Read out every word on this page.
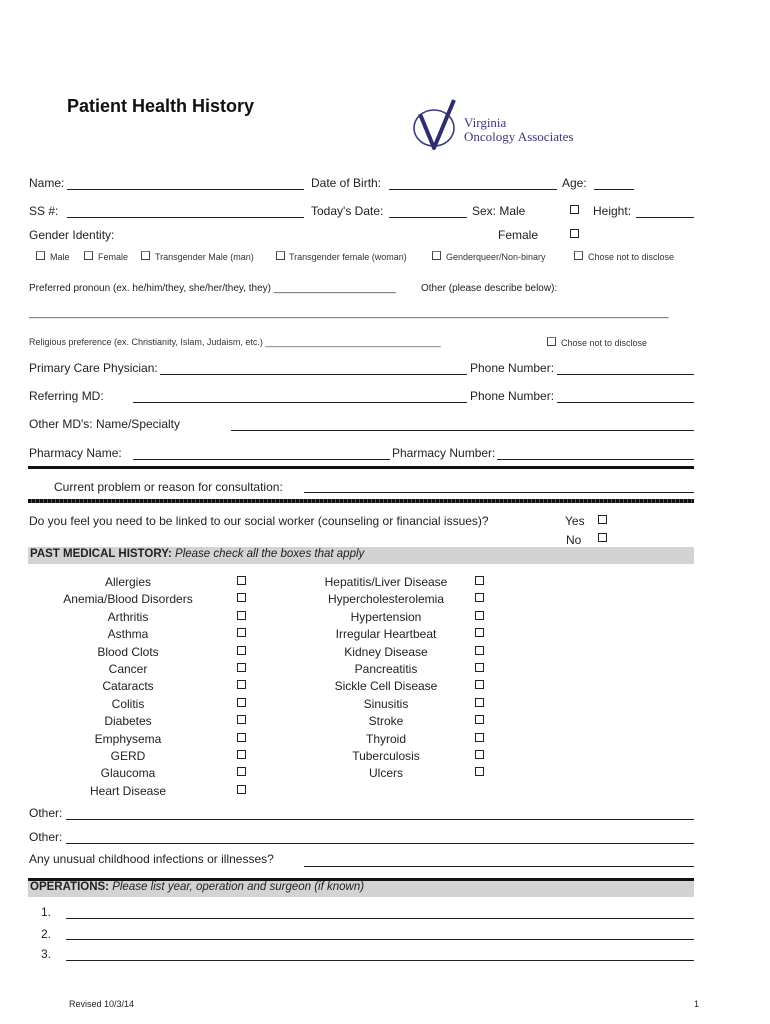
Patient Health History
Virginia
Oncology Associates
Name:	Date of Birth:	Age:
SS #:	Today's Date:	Sex: Male	Height:
Gender Identity:	Female
Male	Female	Transgender Male (man)	Transgender female (woman)	Genderqueer/Non-binary	Chose not to disclose
Preferred pronoun (ex. he/him/they, she/her/they, they) ______________________ Other (please describe below):
___________________________________________________________________________________________________________________
Religious preference (ex. Christianity, Islam, Judaism, etc.) ___________________________________	Chose not to disclose
Primary Care Physician:	Phone Number:
Referring MD:	Phone Number:
Other MD's: Name/Specialty
Pharmacy Name:	Pharmacy Number:
Current problem or reason for consultation:
Do you feel you need to be linked to our social worker (counseling or financial issues)?	Yes
No
PAST MEDICAL HISTORY: Please check all the boxes that apply
Allergies
Anemia/Blood Disorders
Arthritis
Asthma
Blood Clots
Cancer
Cataracts
Colitis
Diabetes
Emphysema
GERD
Glaucoma
Heart Disease
Hepatitis/Liver Disease
Hypercholesterolemia
Hypertension
Irregular Heartbeat
Kidney Disease
Pancreatitis
Sickle Cell Disease
Sinusitis
Stroke
Thyroid
Tuberculosis
Ulcers
Other:
Other:
Any unusual childhood infections or illnesses?
OPERATIONS: Please list year, operation and surgeon (if known)
1.
2.
3.
Revised 10/3/14	1
